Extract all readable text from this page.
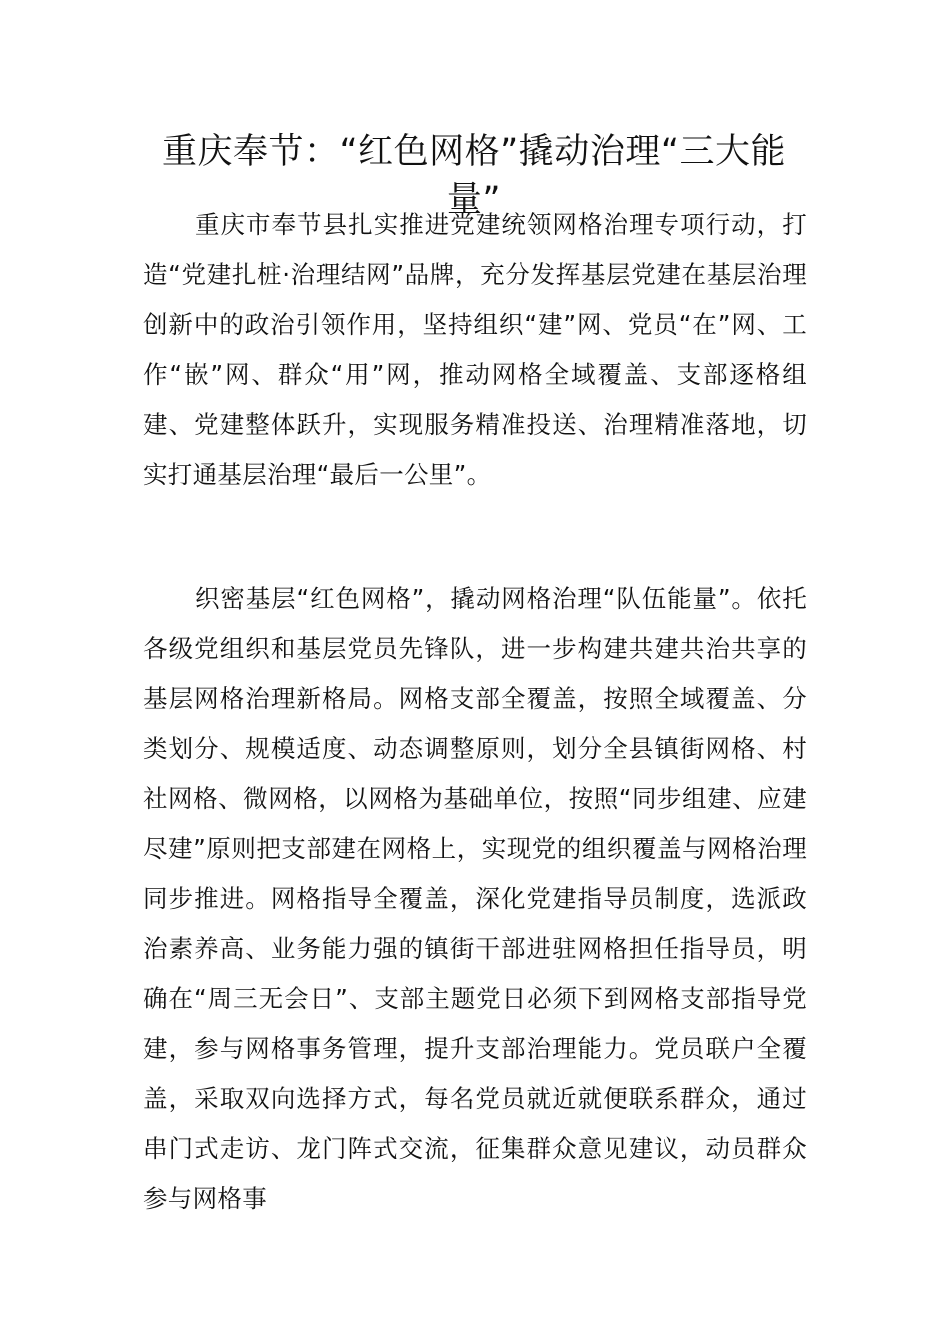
重庆奉节：“红色网格”撬动治理“三大能量”

重庆市奉节县扎实推进党建统领网格治理专项行动，打造“党建扎桩·治理结网”品牌，充分发挥基层党建在基层治理创新中的政治引领作用，坚持组织“建”网、党员“在”网、工作“嵌”网、群众“用”网，推动网格全域覆盖、支部逐格组建、党建整体跃升，实现服务精准投送、治理精准落地，切实打通基层治理“最后一公里”。

织密基层“红色网格”，撬动网格治理“队伍能量”。依托各级党组织和基层党员先锋队，进一步构建共建共治共享的基层网格治理新格局。网格支部全覆盖，按照全域覆盖、分类划分、规模适度、动态调整原则，划分全县镇街网格、村社网格、微网格，以网格为基础单位，按照“同步组建、应建尽建”原则把支部建在网格上，实现党的组织覆盖与网格治理同步推进。网格指导全覆盖，深化党建指导员制度，选派政治素养高、业务能力强的镇街干部进驻网格担任指导员，明确在“周三无会日”、支部主题党日必须下到网格支部指导党建，参与网格事务管理，提升支部治理能力。党员联户全覆盖，采取双向选择方式，每名党员就近就便联系群众，通过串门式走访、龙门阵式交流，征集群众意见建议，动员群众参与网格事
